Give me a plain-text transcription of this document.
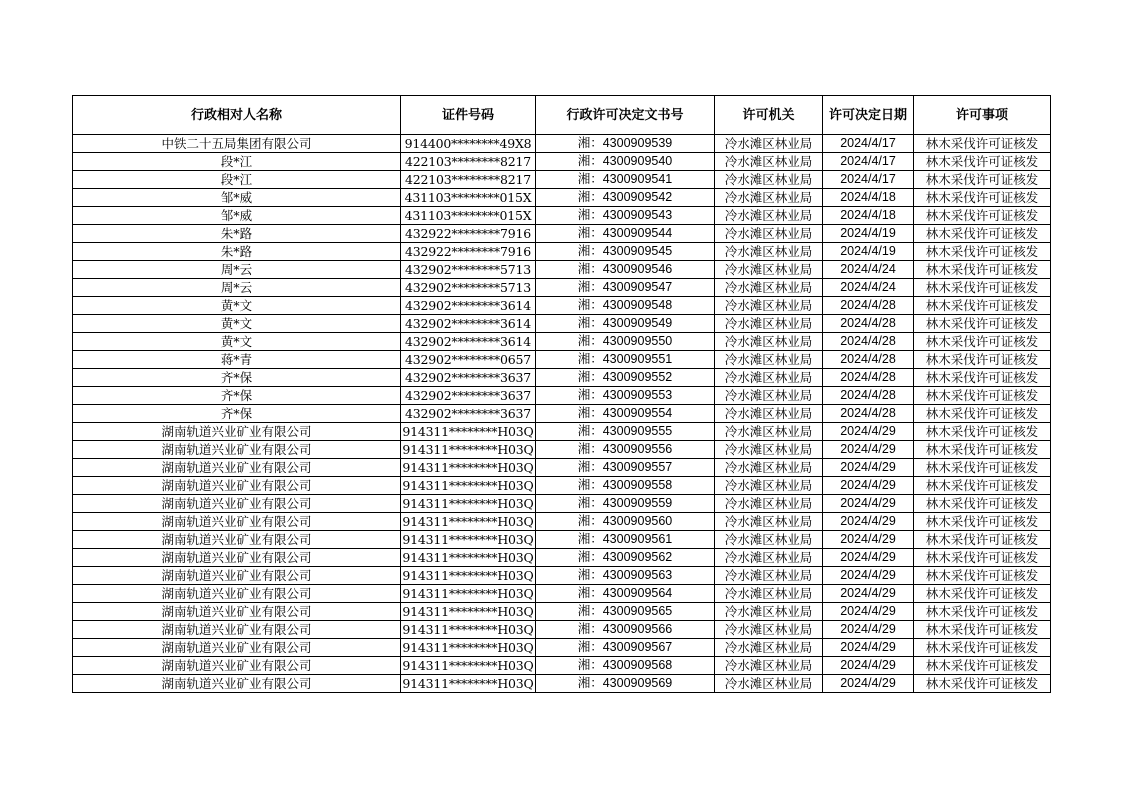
行政相对人名称	证件号码	行政许可决定文书号	许可机关	许可决定日期	许可事项
中铁二十五局集团有限公司	914400********49X8	湘：4300909539	冷水滩区林业局	2024/4/17	林木采伐许可证核发
段*江	422103********8217	湘：4300909540	冷水滩区林业局	2024/4/17	林木采伐许可证核发
段*江	422103********8217	湘：4300909541	冷水滩区林业局	2024/4/17	林木采伐许可证核发
邹*威	431103********015X	湘：4300909542	冷水滩区林业局	2024/4/18	林木采伐许可证核发
邹*威	431103********015X	湘：4300909543	冷水滩区林业局	2024/4/18	林木采伐许可证核发
朱*路	432922********7916	湘：4300909544	冷水滩区林业局	2024/4/19	林木采伐许可证核发
朱*路	432922********7916	湘：4300909545	冷水滩区林业局	2024/4/19	林木采伐许可证核发
周*云	432902********5713	湘：4300909546	冷水滩区林业局	2024/4/24	林木采伐许可证核发
周*云	432902********5713	湘：4300909547	冷水滩区林业局	2024/4/24	林木采伐许可证核发
黄*文	432902********3614	湘：4300909548	冷水滩区林业局	2024/4/28	林木采伐许可证核发
黄*文	432902********3614	湘：4300909549	冷水滩区林业局	2024/4/28	林木采伐许可证核发
黄*文	432902********3614	湘：4300909550	冷水滩区林业局	2024/4/28	林木采伐许可证核发
蒋*青	432902********0657	湘：4300909551	冷水滩区林业局	2024/4/28	林木采伐许可证核发
齐*保	432902********3637	湘：4300909552	冷水滩区林业局	2024/4/28	林木采伐许可证核发
齐*保	432902********3637	湘：4300909553	冷水滩区林业局	2024/4/28	林木采伐许可证核发
齐*保	432902********3637	湘：4300909554	冷水滩区林业局	2024/4/28	林木采伐许可证核发
湖南轨道兴业矿业有限公司	914311********H03Q	湘：4300909555	冷水滩区林业局	2024/4/29	林木采伐许可证核发
湖南轨道兴业矿业有限公司	914311********H03Q	湘：4300909556	冷水滩区林业局	2024/4/29	林木采伐许可证核发
湖南轨道兴业矿业有限公司	914311********H03Q	湘：4300909557	冷水滩区林业局	2024/4/29	林木采伐许可证核发
湖南轨道兴业矿业有限公司	914311********H03Q	湘：4300909558	冷水滩区林业局	2024/4/29	林木采伐许可证核发
湖南轨道兴业矿业有限公司	914311********H03Q	湘：4300909559	冷水滩区林业局	2024/4/29	林木采伐许可证核发
湖南轨道兴业矿业有限公司	914311********H03Q	湘：4300909560	冷水滩区林业局	2024/4/29	林木采伐许可证核发
湖南轨道兴业矿业有限公司	914311********H03Q	湘：4300909561	冷水滩区林业局	2024/4/29	林木采伐许可证核发
湖南轨道兴业矿业有限公司	914311********H03Q	湘：4300909562	冷水滩区林业局	2024/4/29	林木采伐许可证核发
湖南轨道兴业矿业有限公司	914311********H03Q	湘：4300909563	冷水滩区林业局	2024/4/29	林木采伐许可证核发
湖南轨道兴业矿业有限公司	914311********H03Q	湘：4300909564	冷水滩区林业局	2024/4/29	林木采伐许可证核发
湖南轨道兴业矿业有限公司	914311********H03Q	湘：4300909565	冷水滩区林业局	2024/4/29	林木采伐许可证核发
湖南轨道兴业矿业有限公司	914311********H03Q	湘：4300909566	冷水滩区林业局	2024/4/29	林木采伐许可证核发
湖南轨道兴业矿业有限公司	914311********H03Q	湘：4300909567	冷水滩区林业局	2024/4/29	林木采伐许可证核发
湖南轨道兴业矿业有限公司	914311********H03Q	湘：4300909568	冷水滩区林业局	2024/4/29	林木采伐许可证核发
湖南轨道兴业矿业有限公司	914311********H03Q	湘：4300909569	冷水滩区林业局	2024/4/29	林木采伐许可证核发
